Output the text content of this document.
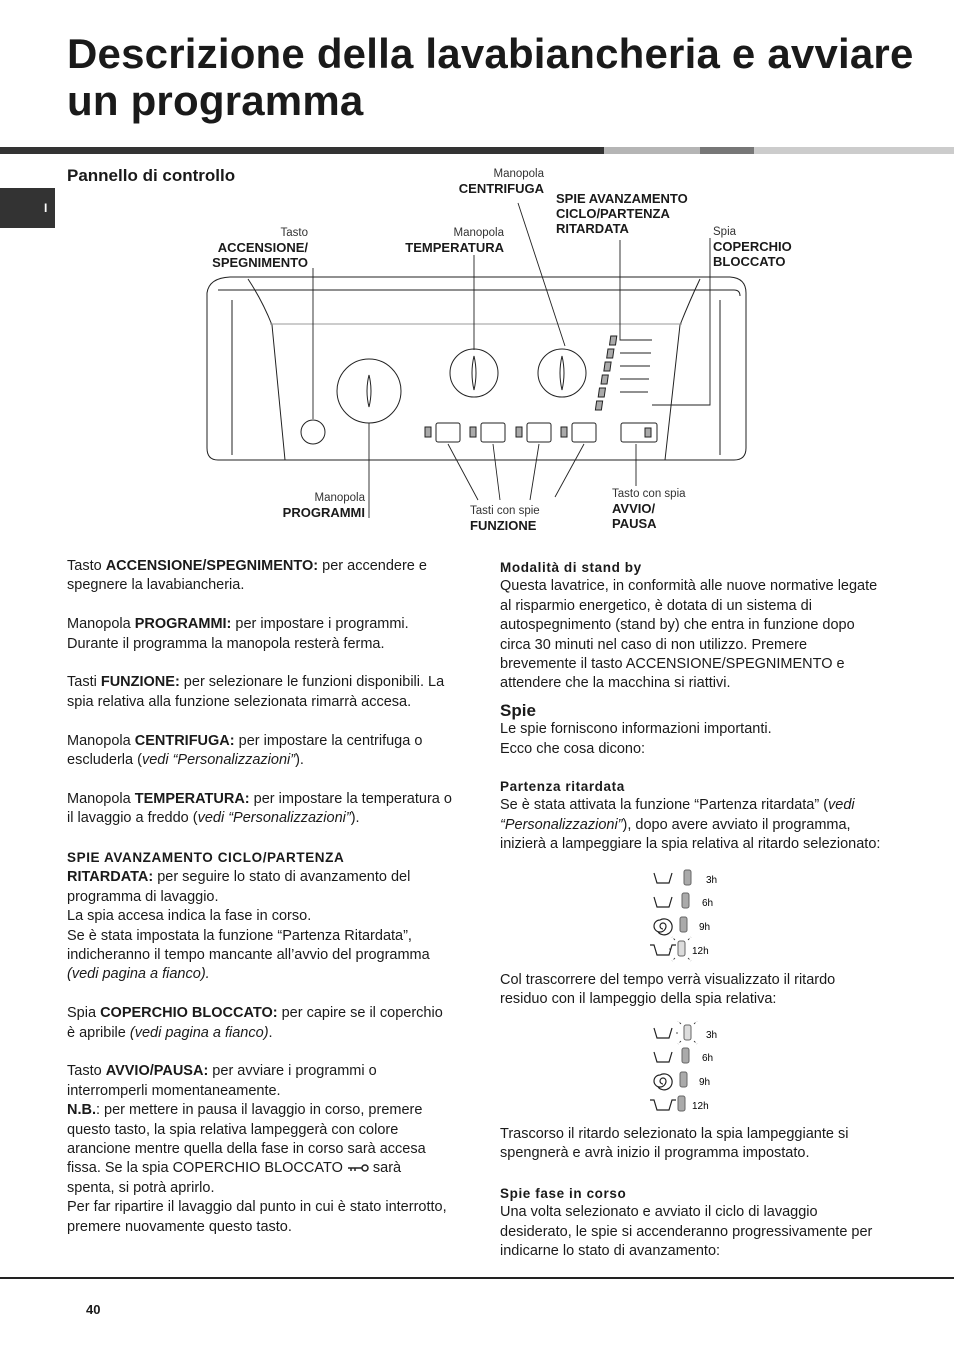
Descrizione della lavabiancheria e avviare un programma
I
Pannello di controllo
Tasto
ACCENSIONE/
SPEGNIMENTO
Manopola
TEMPERATURA
Manopola
CENTRIFUGA
SPIE AVANZAMENTO
CICLO/PARTENZA
RITARDATA	Spia
COPERCHIO
BLOCCATO
Manopola
PROGRAMMI	Tasti con spie
FUNZIONE
Tasto con spia
AVVIO/
PAUSA

Tasto ACCENSIONE/SPEGNIMENTO: per accendere e spegnere la lavabiancheria.

Manopola PROGRAMMI: per impostare i programmi. Durante il programma la manopola resterà ferma.

Tasti FUNZIONE: per selezionare le funzioni disponibili. La spia relativa alla funzione selezionata rimarrà accesa.

Manopola CENTRIFUGA: per impostare la centrifuga o escluderla (vedi “Personalizzazioni”).

Manopola TEMPERATURA: per impostare la temperatura o il lavaggio a freddo (vedi “Personalizzazioni”).

SPIE AVANZAMENTO CICLO/PARTENZA
RITARDATA: per seguire lo stato di avanzamento del programma di lavaggio.
La spia accesa indica la fase in corso.
Se è stata impostata la funzione “Partenza Ritardata”, indicheranno il tempo mancante all’avvio del programma (vedi pagina a fianco).

Spia COPERCHIO BLOCCATO: per capire se il coperchio è apribile (vedi pagina a fianco).

Tasto AVVIO/PAUSA: per avviare i programmi o interromperli momentaneamente.
N.B.: per mettere in pausa il lavaggio in corso, premere questo tasto, la spia relativa lampeggerà con colore arancione mentre quella della fase in corso sarà accesa fissa. Se la spia COPERCHIO BLOCCATO  sarà spenta, si potrà aprirlo.
Per far ripartire il lavaggio dal punto in cui è stato interrotto, premere nuovamente questo tasto.

Modalità di stand by
Questa lavatrice, in conformità alle nuove normative legate al risparmio energetico, è dotata di un sistema di autospegnimento (stand by) che entra in funzione dopo circa 30 minuti nel caso di non utilizzo. Premere brevemente il tasto ACCENSIONE/SPEGNIMENTO e attendere che la macchina si riattivi.
Spie
Le spie forniscono informazioni importanti.
Ecco che cosa dicono:
Partenza ritardata
Se è stata attivata la funzione “Partenza ritardata” (vedi “Personalizzazioni”), dopo avere avviato il programma, inizierà a lampeggiare la spia relativa al ritardo selezionato:
3h
6h
9h
12h
Col trascorrere del tempo verrà visualizzato il ritardo residuo con il lampeggio della spia relativa:
3h
6h
9h
12h
Trascorso il ritardo selezionato la spia lampeggiante si spengnerà e avrà inizio il programma impostato.
Spie fase in corso
Una volta selezionato e avviato il ciclo di lavaggio desiderato, le spie si accenderanno progressivamente per indicarne lo stato di avanzamento:
40
